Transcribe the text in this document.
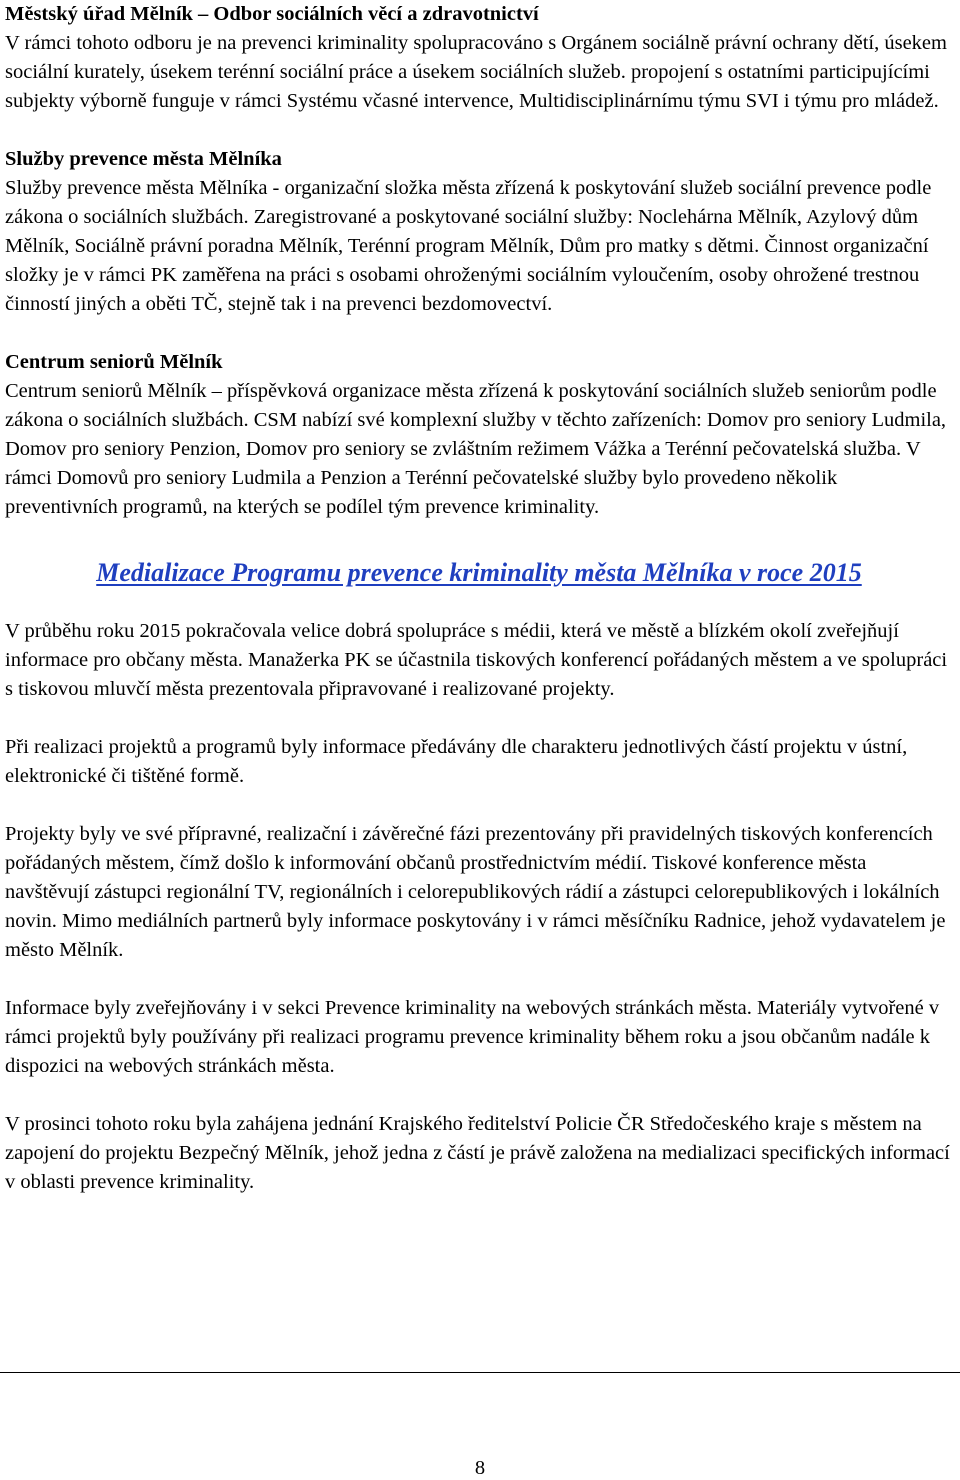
Městský úřad Mělník – Odbor sociálních věcí a zdravotnictví

V rámci tohoto odboru je na prevenci kriminality spolupracováno s Orgánem sociálně právní ochrany dětí, úsekem sociální kurately, úsekem terénní sociální práce a úsekem sociálních služeb. propojení s ostatními participujícími subjekty výborně funguje v rámci Systému včasné intervence, Multidisciplinárnímu týmu SVI i týmu pro mládež.

Služby prevence města Mělníka

Služby prevence města Mělníka - organizační složka města zřízená k poskytování služeb sociální prevence podle zákona o sociálních službách. Zaregistrované a poskytované sociální služby: Noclehárna Mělník, Azylový dům Mělník, Sociálně právní poradna Mělník, Terénní program Mělník, Dům pro matky s dětmi. Činnost organizační složky je v rámci PK zaměřena na práci s osobami ohroženými sociálním vyloučením, osoby ohrožené trestnou činností jiných a oběti TČ, stejně tak i na prevenci bezdomovectví.

Centrum seniorů Mělník

Centrum seniorů Mělník – příspěvková organizace města zřízená k poskytování sociálních služeb seniorům podle zákona o sociálních službách. CSM nabízí své komplexní služby v těchto zařízeních: Domov pro seniory Ludmila, Domov pro seniory Penzion, Domov pro seniory se zvláštním režimem Vážka a Terénní pečovatelská služba. V rámci Domovů pro seniory Ludmila a Penzion a Terénní pečovatelské služby bylo provedeno několik preventivních programů, na kterých se podílel tým prevence kriminality.

Medializace Programu prevence kriminality města Mělníka v roce 2015

V průběhu roku 2015 pokračovala velice dobrá spolupráce s médii, která ve městě a blízkém okolí zveřejňují informace pro občany města. Manažerka PK se účastnila tiskových konferencí pořádaných městem a ve spolupráci s tiskovou mluvčí města prezentovala připravované i realizované projekty.

Při realizaci projektů a programů byly informace předávány dle charakteru jednotlivých částí projektu v ústní, elektronické či tištěné formě.

Projekty byly ve své přípravné, realizační i závěrečné fázi prezentovány při pravidelných tiskových konferencích pořádaných městem, čímž došlo k informování občanů prostřednictvím médií. Tiskové konference města navštěvují zástupci regionální TV, regionálních i celorepublikových rádií a zástupci celorepublikových i lokálních novin. Mimo mediálních partnerů byly informace poskytovány i v rámci měsíčníku Radnice, jehož vydavatelem je město Mělník.

Informace byly zveřejňovány i v sekci Prevence kriminality na webových stránkách města. Materiály vytvořené v rámci projektů byly používány při realizaci programu prevence kriminality během roku a jsou občanům nadále k dispozici na webových stránkách města.

V prosinci tohoto roku byla zahájena jednání Krajského ředitelství Policie ČR Středočeského kraje s městem na zapojení do projektu Bezpečný Mělník, jehož jedna z částí je právě založena na medializaci specifických informací v oblasti prevence kriminality.

8
